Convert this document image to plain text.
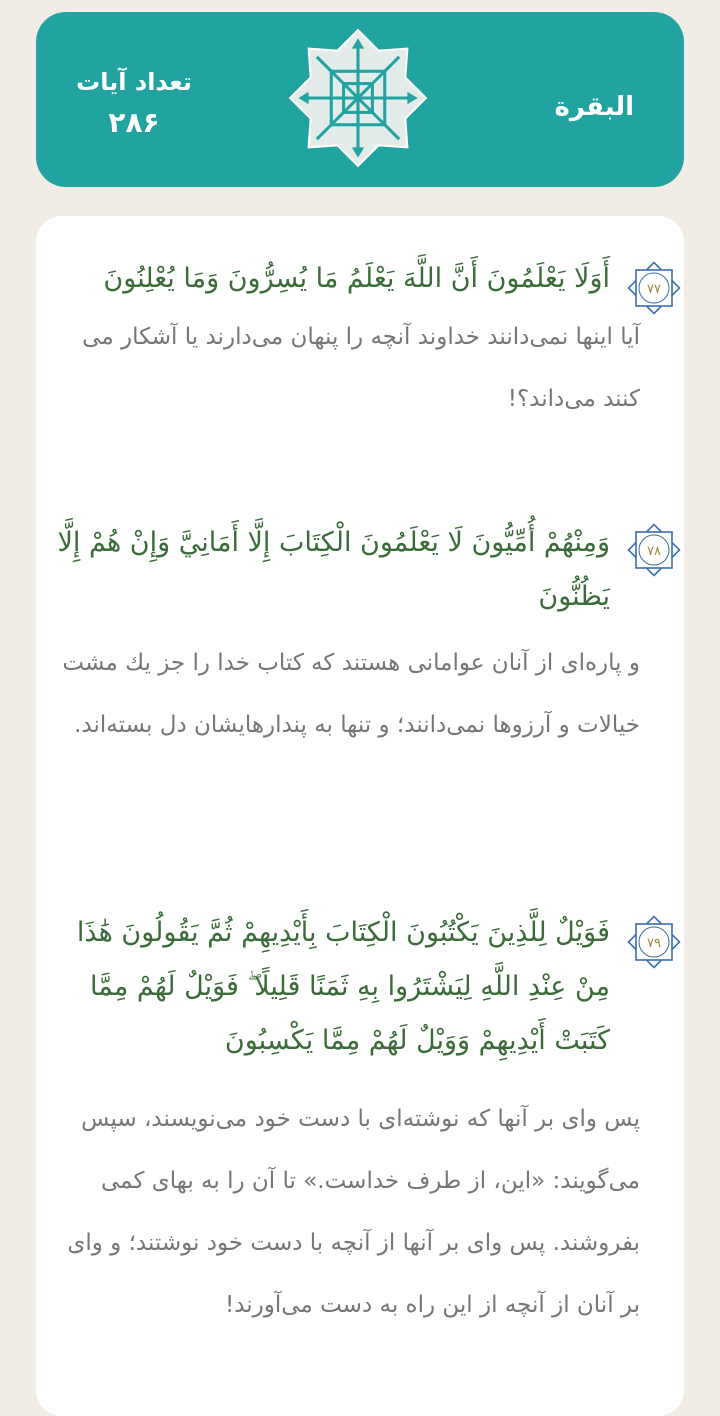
البقرة
تعداد آیات
۲۸۶
۷۷
أَوَلَا يَعْلَمُونَ أَنَّ اللَّهَ يَعْلَمُ مَا يُسِرُّونَ وَمَا يُعْلِنُونَ
آیا اینها نمی‌دانند خداوند آنچه را پنهان می‌دارند یا آشکار می کنند می‌داند؟!
۷۸
وَمِنْهُمْ أُمِّيُّونَ لَا يَعْلَمُونَ الْكِتَابَ إِلَّا أَمَانِيَّ وَإِنْ هُمْ إِلَّا يَظُنُّونَ
و پاره‌ای از آنان عوامانی هستند که کتاب خدا را جز يك مشت خيالات و آرزوها نمی‌دانند؛ و تنها به پندارهايشان دل بسته‌اند.
۷۹
فَوَيْلٌ لِلَّذِينَ يَكْتُبُونَ الْكِتَابَ بِأَيْدِيهِمْ ثُمَّ يَقُولُونَ هَٰذَا مِنْ عِنْدِ اللَّهِ لِيَشْتَرُوا بِهِ ثَمَنًا قَلِيلًا ۖ فَوَيْلٌ لَهُمْ مِمَّا كَتَبَتْ أَيْدِيهِمْ وَوَيْلٌ لَهُمْ مِمَّا يَكْسِبُونَ
پس وای بر آنها که نوشته‌ای با دست خود می‌نویسند، سپس می‌گویند: «این، از طرف خداست.» تا آن را به بهای کمی بفروشند. پس وای بر آنها از آنچه با دست خود نوشتند؛ و وای بر آنان از آنچه از این راه به دست می‌آورند!
